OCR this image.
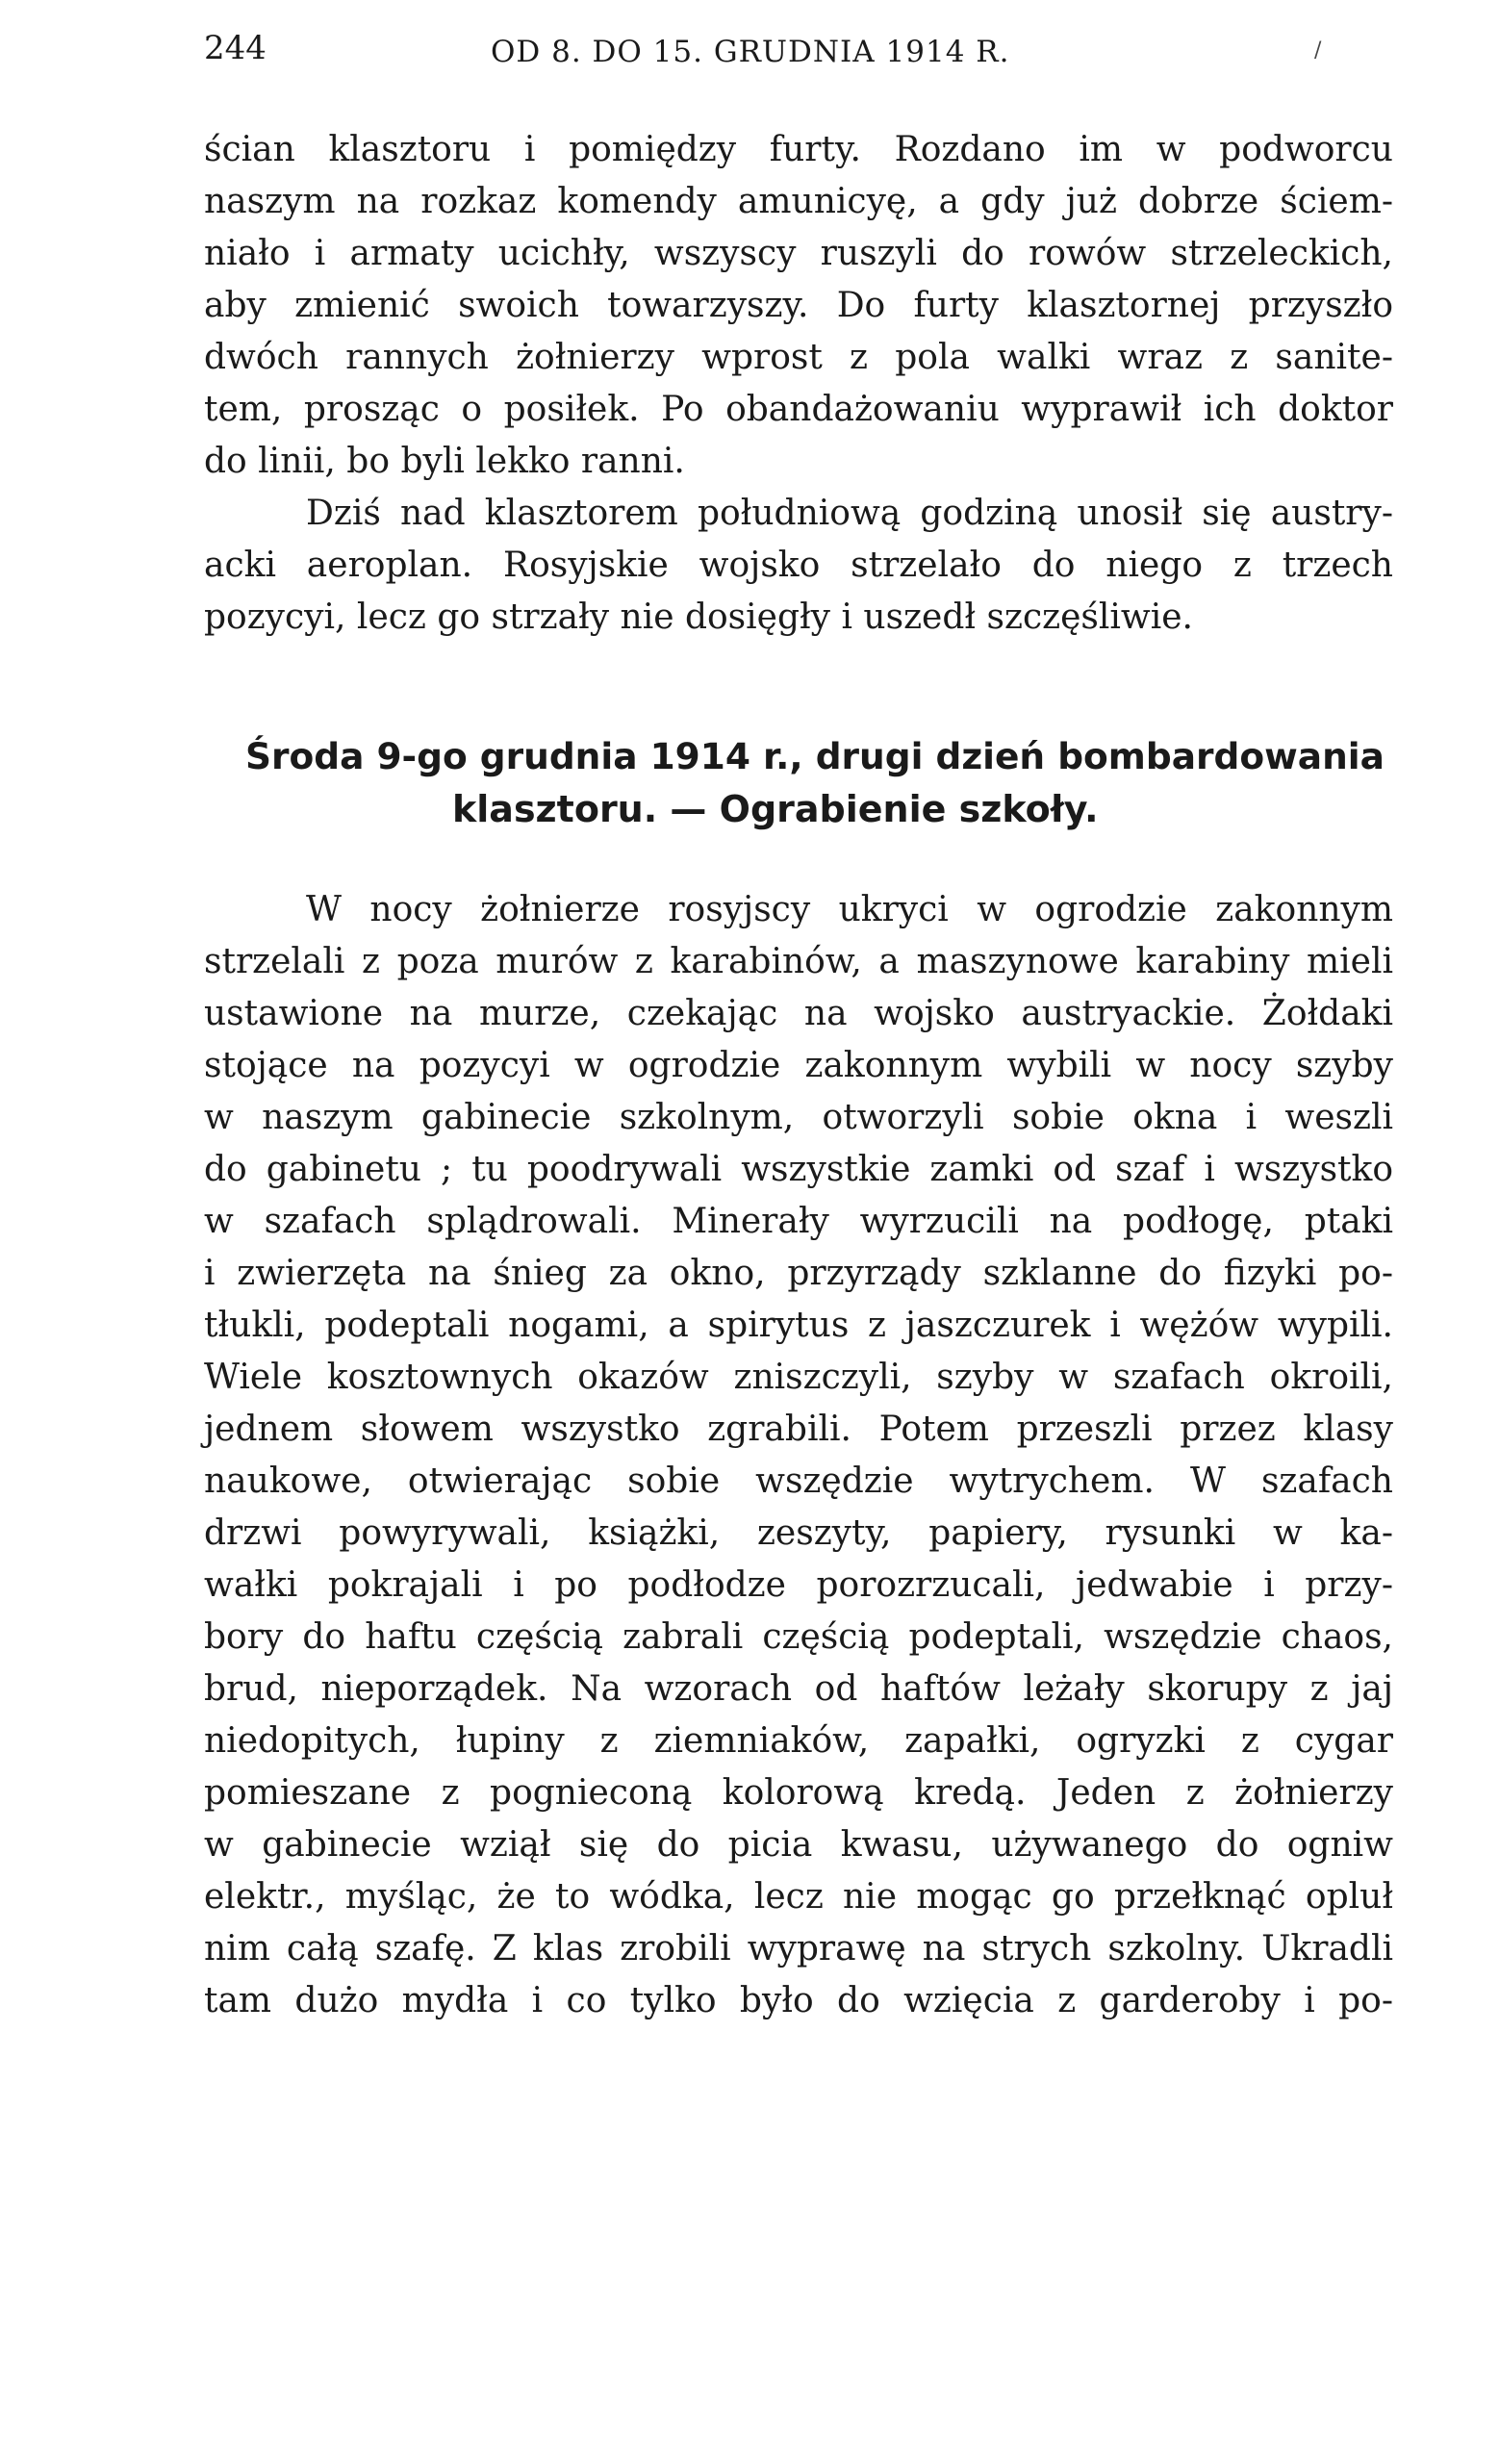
244	OD 8. DO 15. GRUDNIA 1914 R.	/

ścian klasztoru i pomiędzy furty. Rozdano im w podworcu

naszym na rozkaz komendy amunicyę, a gdy już dobrze ściem-

niało i armaty ucichły, wszyscy ruszyli do rowów strzeleckich,

aby zmienić swoich towarzyszy. Do furty klasztornej przyszło

dwóch rannych żołnierzy wprost z pola walki wraz z sanite-

tem, prosząc o posiłek. Po obandażowaniu wyprawił ich doktor

do linii, bo byli lekko ranni.

Dziś nad klasztorem południową godziną unosił się austry-

acki aeroplan. Rosyjskie wojsko strzelało do niego z trzech

pozycyi, lecz go strzały nie dosięgły i uszedł szczęśliwie.

Środa 9-go grudnia 1914 r., drugi dzień bombardowania

klasztoru. — Ograbienie szkoły.

W nocy żołnierze rosyjscy ukryci w ogrodzie zakonnym

strzelali z poza murów z karabinów, a maszynowe karabiny mieli

ustawione na murze, czekając na wojsko austryackie. Żołdaki

stojące na pozycyi w ogrodzie zakonnym wybili w nocy szyby

w naszym gabinecie szkolnym, otworzyli sobie okna i weszli

do gabinetu ; tu poodrywali wszystkie zamki od szaf i wszystko

w szafach splądrowali. Minerały wyrzucili na podłogę, ptaki

i zwierzęta na śnieg za okno, przyrządy szklanne do fizyki po-

tłukli, podeptali nogami, a spirytus z jaszczurek i wężów wypili.

Wiele kosztownych okazów zniszczyli, szyby w szafach okroili,

jednem słowem wszystko zgrabili. Potem przeszli przez klasy

naukowe, otwierając sobie wszędzie wytrychem. W szafach

drzwi powyrywali, książki, zeszyty, papiery, rysunki w ka-

wałki pokrajali i po podłodze porozrzucali, jedwabie i przy-

bory do haftu częścią zabrali częścią podeptali, wszędzie chaos,

brud, nieporządek. Na wzorach od haftów leżały skorupy z jaj

niedopitych, łupiny z ziemniaków, zapałki, ogryzki z cygar

pomieszane z pognieconą kolorową kredą. Jeden z żołnierzy

w gabinecie wziął się do picia kwasu, używanego do ogniw

elektr., myśląc, że to wódka, lecz nie mogąc go przełknąć opluł

nim całą szafę. Z klas zrobili wyprawę na strych szkolny. Ukradli

tam dużo mydła i co tylko było do wzięcia z garderoby i po-
